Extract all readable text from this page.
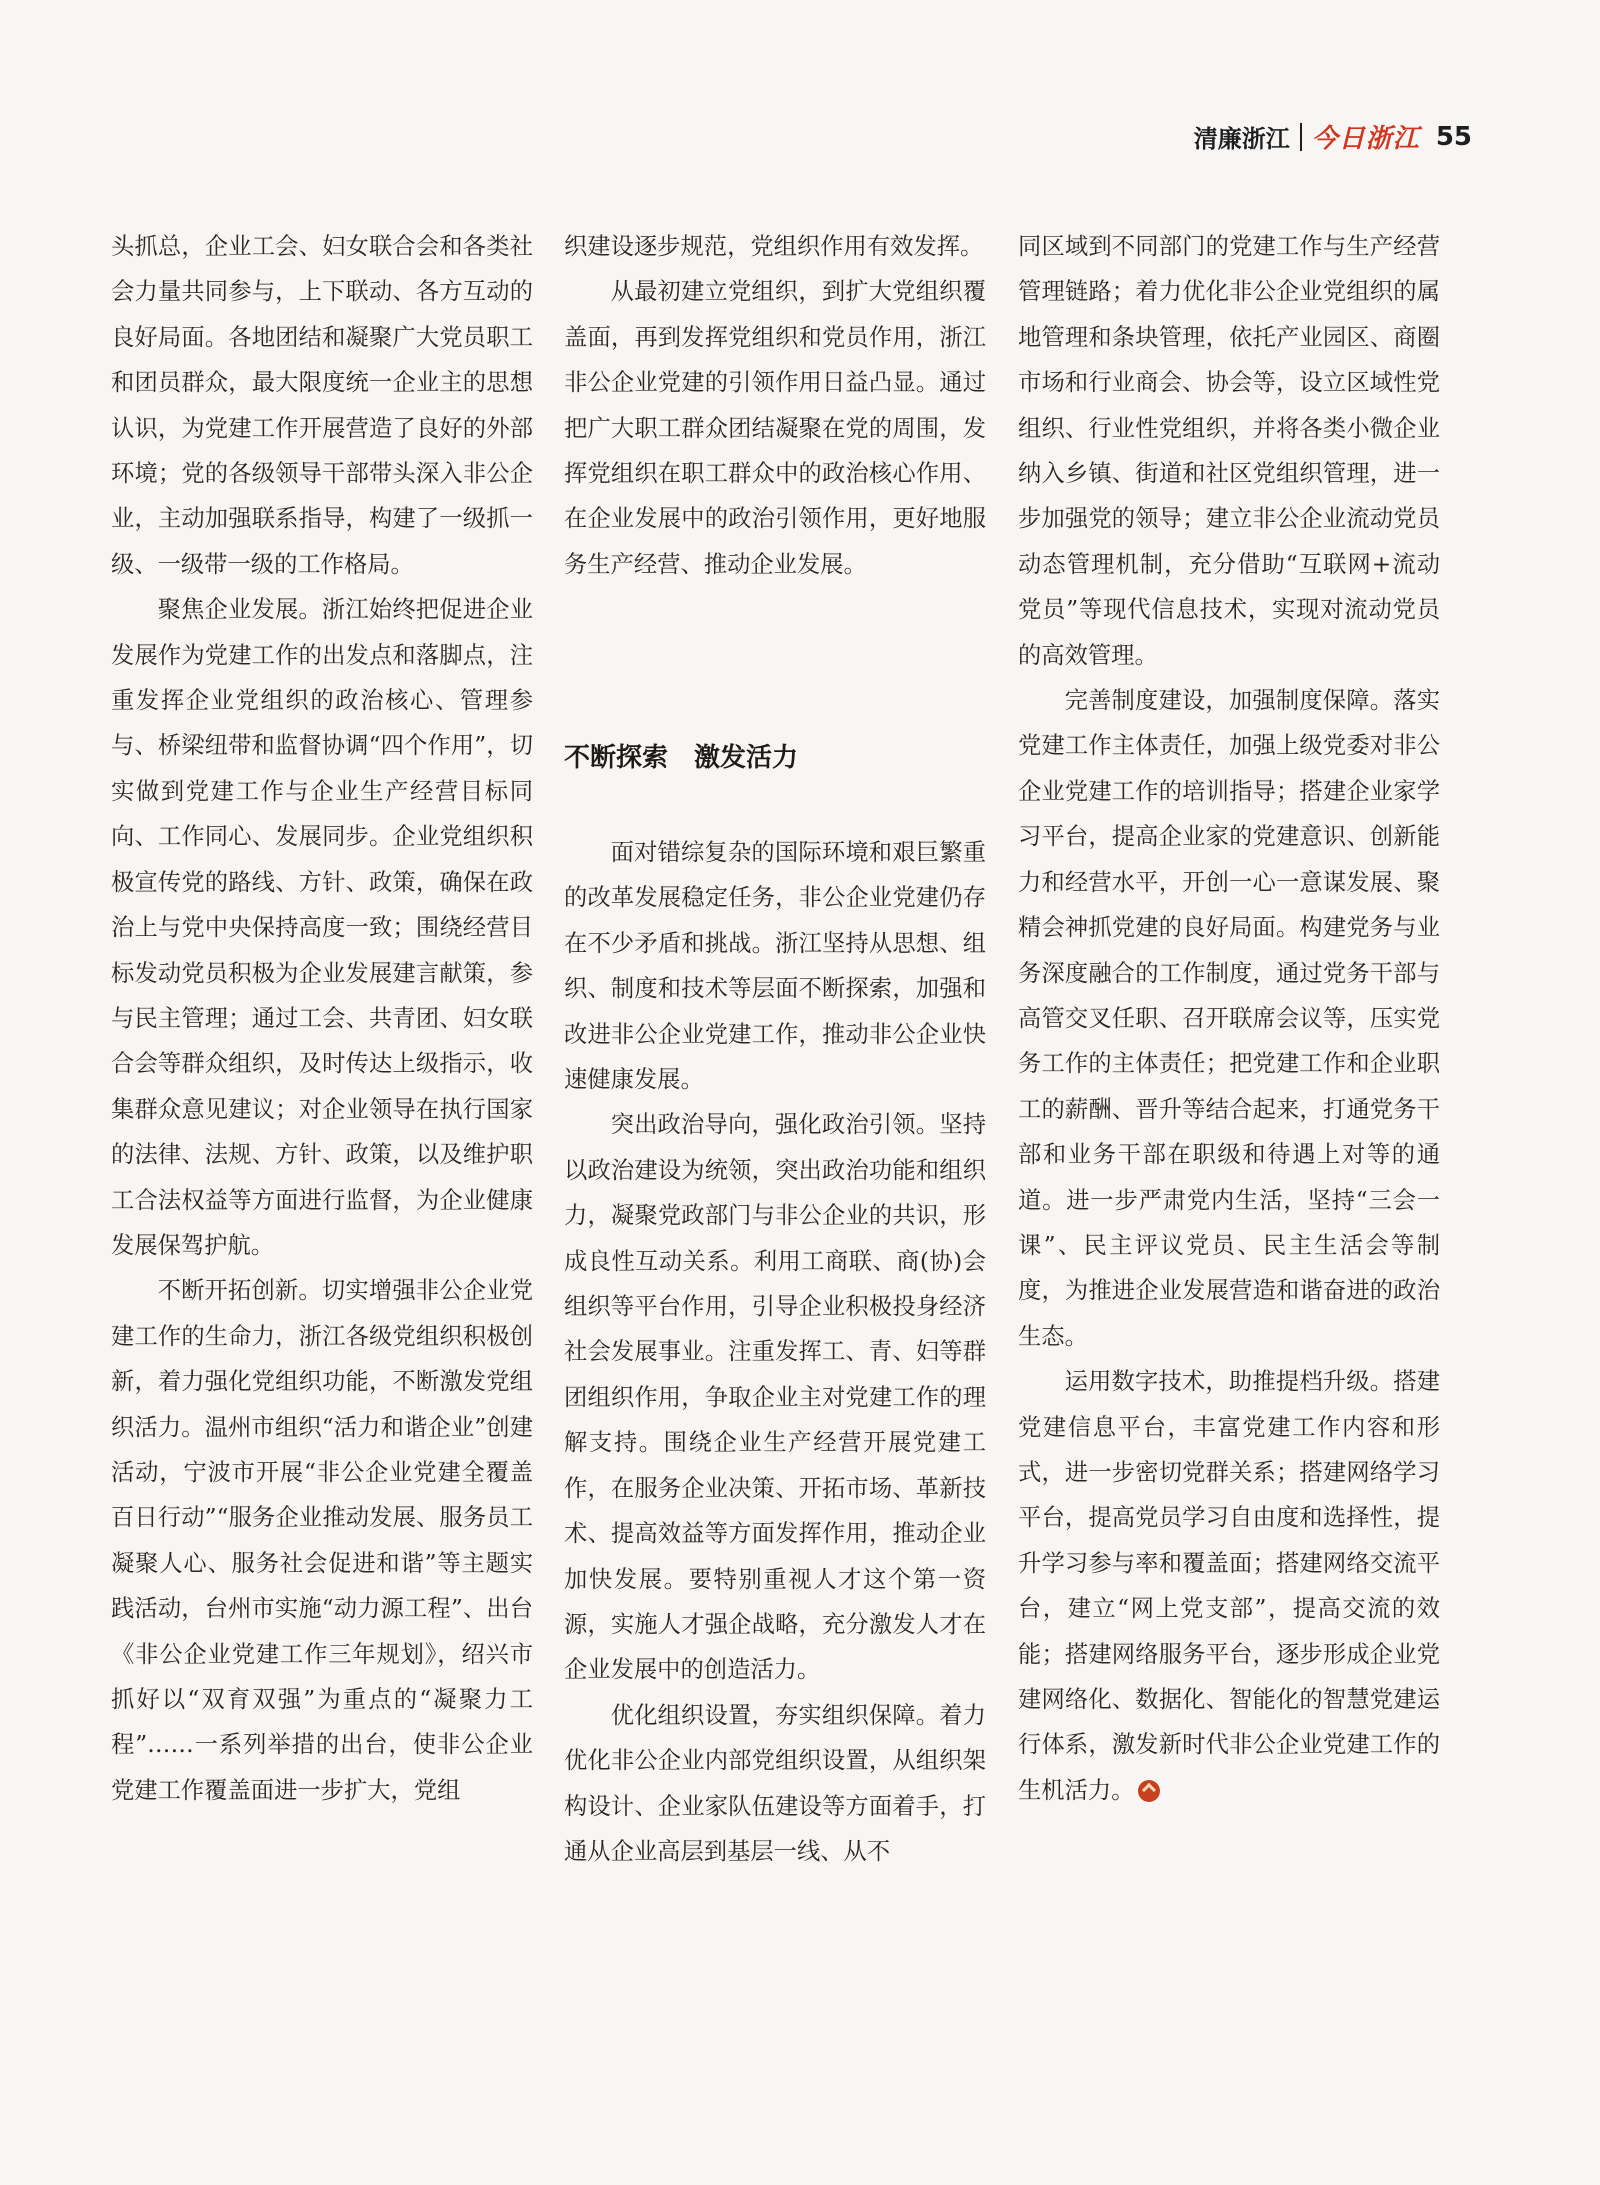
清廉浙江 今日浙江 55

头抓总，企业工会、妇女联合会和各类社会力量共同参与，上下联动、各方互动的良好局面。各地团结和凝聚广大党员职工和团员群众，最大限度统一企业主的思想认识，为党建工作开展营造了良好的外部环境；党的各级领导干部带头深入非公企业，主动加强联系指导，构建了一级抓一级、一级带一级的工作格局。

聚焦企业发展。浙江始终把促进企业发展作为党建工作的出发点和落脚点，注重发挥企业党组织的政治核心、管理参与、桥梁纽带和监督协调“四个作用”，切实做到党建工作与企业生产经营目标同向、工作同心、发展同步。企业党组织积极宣传党的路线、方针、政策，确保在政治上与党中央保持高度一致；围绕经营目标发动党员积极为企业发展建言献策，参与民主管理；通过工会、共青团、妇女联合会等群众组织，及时传达上级指示，收集群众意见建议；对企业领导在执行国家的法律、法规、方针、政策，以及维护职工合法权益等方面进行监督，为企业健康发展保驾护航。

不断开拓创新。切实增强非公企业党建工作的生命力，浙江各级党组织积极创新，着力强化党组织功能，不断激发党组织活力。温州市组织“活力和谐企业”创建活动，宁波市开展“非公企业党建全覆盖百日行动”“服务企业推动发展、服务员工凝聚人心、服务社会促进和谐”等主题实践活动，台州市实施“动力源工程”、出台《非公企业党建工作三年规划》，绍兴市抓好以“双育双强”为重点的“凝聚力工程”……一系列举措的出台，使非公企业党建工作覆盖面进一步扩大，党组

织建设逐步规范，党组织作用有效发挥。

从最初建立党组织，到扩大党组织覆盖面，再到发挥党组织和党员作用，浙江非公企业党建的引领作用日益凸显。通过把广大职工群众团结凝聚在党的周围，发挥党组织在职工群众中的政治核心作用、在企业发展中的政治引领作用，更好地服务生产经营、推动企业发展。

不断探索　激发活力

面对错综复杂的国际环境和艰巨繁重的改革发展稳定任务，非公企业党建仍存在不少矛盾和挑战。浙江坚持从思想、组织、制度和技术等层面不断探索，加强和改进非公企业党建工作，推动非公企业快速健康发展。

突出政治导向，强化政治引领。坚持以政治建设为统领，突出政治功能和组织力，凝聚党政部门与非公企业的共识，形成良性互动关系。利用工商联、商(协)会组织等平台作用，引导企业积极投身经济社会发展事业。注重发挥工、青、妇等群团组织作用，争取企业主对党建工作的理解支持。围绕企业生产经营开展党建工作，在服务企业决策、开拓市场、革新技术、提高效益等方面发挥作用，推动企业加快发展。要特别重视人才这个第一资源，实施人才强企战略，充分激发人才在企业发展中的创造活力。

优化组织设置，夯实组织保障。着力优化非公企业内部党组织设置，从组织架构设计、企业家队伍建设等方面着手，打通从企业高层到基层一线、从不

同区域到不同部门的党建工作与生产经营管理链路；着力优化非公企业党组织的属地管理和条块管理，依托产业园区、商圈市场和行业商会、协会等，设立区域性党组织、行业性党组织，并将各类小微企业纳入乡镇、街道和社区党组织管理，进一步加强党的领导；建立非公企业流动党员动态管理机制，充分借助“互联网+流动党员”等现代信息技术，实现对流动党员的高效管理。

完善制度建设，加强制度保障。落实党建工作主体责任，加强上级党委对非公企业党建工作的培训指导；搭建企业家学习平台，提高企业家的党建意识、创新能力和经营水平，开创一心一意谋发展、聚精会神抓党建的良好局面。构建党务与业务深度融合的工作制度，通过党务干部与高管交叉任职、召开联席会议等，压实党务工作的主体责任；把党建工作和企业职工的薪酬、晋升等结合起来，打通党务干部和业务干部在职级和待遇上对等的通道。进一步严肃党内生活，坚持“三会一课”、民主评议党员、民主生活会等制度，为推进企业发展营造和谐奋进的政治生态。

运用数字技术，助推提档升级。搭建党建信息平台，丰富党建工作内容和形式，进一步密切党群关系；搭建网络学习平台，提高党员学习自由度和选择性，提升学习参与率和覆盖面；搭建网络交流平台，建立“网上党支部”，提高交流的效能；搭建网络服务平台，逐步形成企业党建网络化、数据化、智能化的智慧党建运行体系，激发新时代非公企业党建工作的生机活力。
